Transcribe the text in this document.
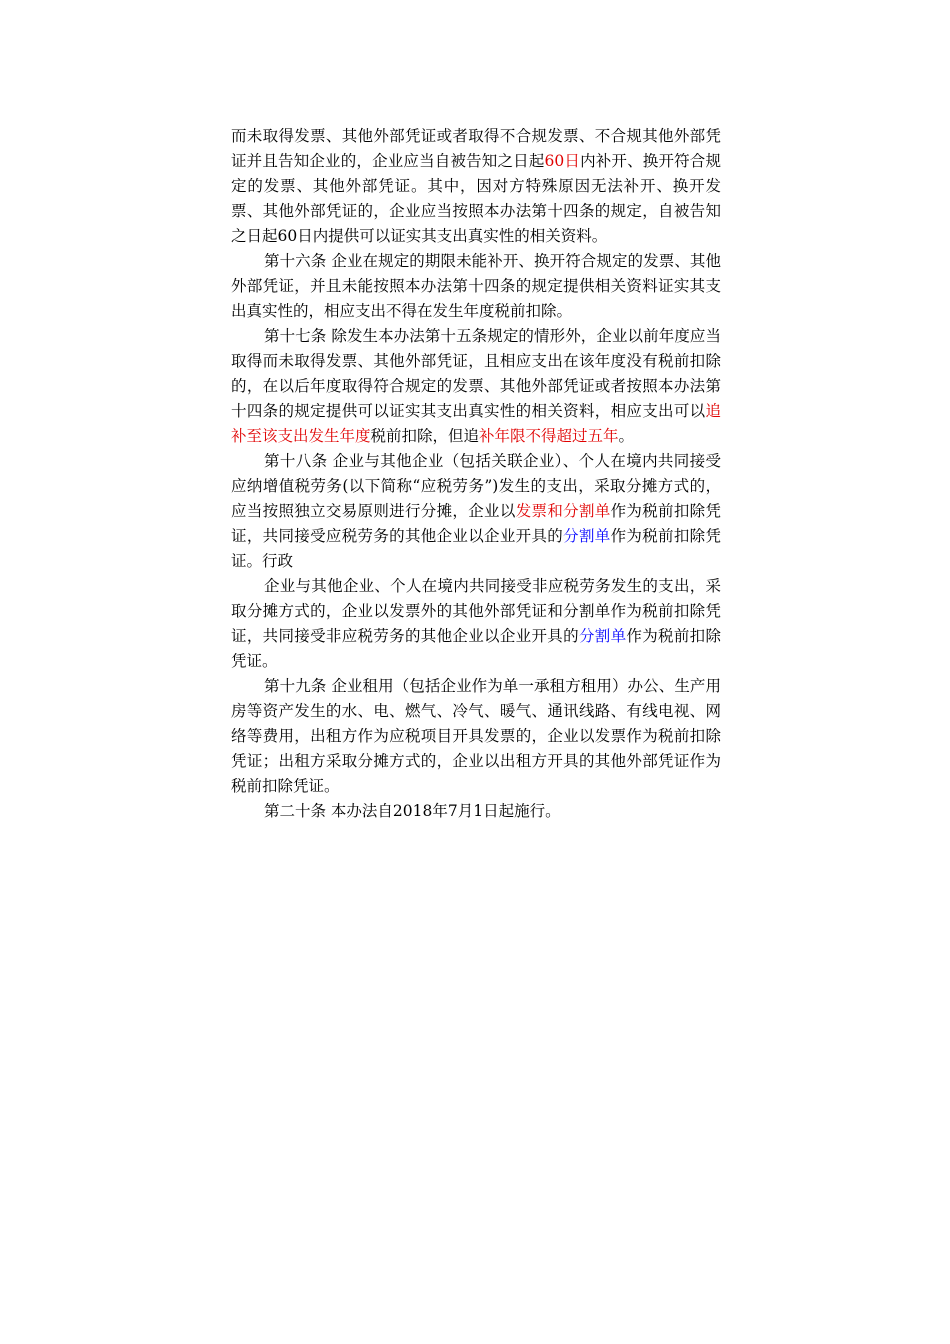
而未取得发票、其他外部凭证或者取得不合规发票、不合规其他外部凭证并且告知企业的，企业应当自被告知之日起60日内补开、换开符合规定的发票、其他外部凭证。其中，因对方特殊原因无法补开、换开发票、其他外部凭证的，企业应当按照本办法第十四条的规定，自被告知之日起60日内提供可以证实其支出真实性的相关资料。

第十六条 企业在规定的期限未能补开、换开符合规定的发票、其他外部凭证，并且未能按照本办法第十四条的规定提供相关资料证实其支出真实性的，相应支出不得在发生年度税前扣除。

第十七条 除发生本办法第十五条规定的情形外，企业以前年度应当取得而未取得发票、其他外部凭证，且相应支出在该年度没有税前扣除的，在以后年度取得符合规定的发票、其他外部凭证或者按照本办法第十四条的规定提供可以证实其支出真实性的相关资料，相应支出可以追补至该支出发生年度税前扣除，但追补年限不得超过五年。

第十八条 企业与其他企业（包括关联企业）、个人在境内共同接受应纳增值税劳务(以下简称“应税劳务”)发生的支出，采取分摊方式的，应当按照独立交易原则进行分摊，企业以发票和分割单作为税前扣除凭证，共同接受应税劳务的其他企业以企业开具的分割单作为税前扣除凭证。行政

企业与其他企业、个人在境内共同接受非应税劳务发生的支出，采取分摊方式的，企业以发票外的其他外部凭证和分割单作为税前扣除凭证，共同接受非应税劳务的其他企业以企业开具的分割单作为税前扣除凭证。

第十九条 企业租用（包括企业作为单一承租方租用）办公、生产用房等资产发生的水、电、燃气、冷气、暖气、通讯线路、有线电视、网络等费用，出租方作为应税项目开具发票的，企业以发票作为税前扣除凭证；出租方采取分摊方式的，企业以出租方开具的其他外部凭证作为税前扣除凭证。

第二十条 本办法自2018年7月1日起施行。
